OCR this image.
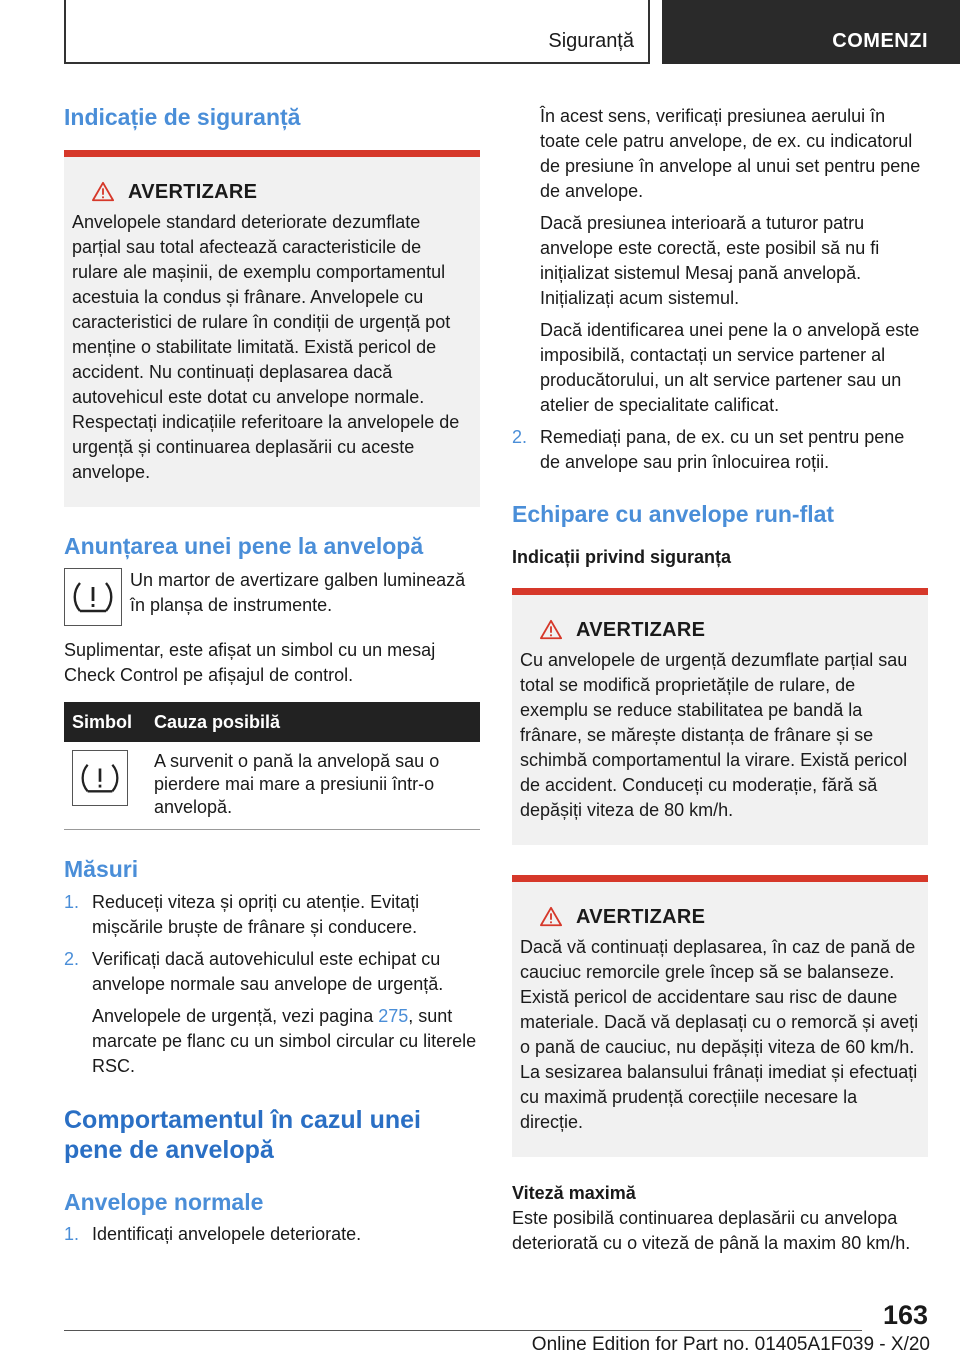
Siguranță	COMENZI
Indicație de siguranță
AVERTIZARE

Anvelopele standard deteriorate dezumflate parțial sau total afectează caracteristicile de rulare ale mașinii, de exemplu comportamentul acestuia la condus și frânare. Anvelopele cu caracteristici de rulare în condiții de urgență pot menține o stabilitate limitată. Există pericol de accident. Nu continuați deplasarea dacă autovehicul este dotat cu anvelope normale. Respectați indicațiile referitoare la anvelopele de urgență și continuarea deplasării cu aceste anvelope.

Anunțarea unei pene la anvelopă

Un martor de avertizare galben luminează în planșa de instrumente.

Suplimentar, este afișat un simbol cu un mesaj Check Control pe afișajul de control.

Simbol	Cauza posibilă

	A survenit o pană la anvelopă sau o pierdere mai mare a presiunii într-o anvelopă.
Măsuri
1. Reduceți viteza și opriți cu atenție. Evitați mișcările bruște de frânare și conducere.
2. Verificați dacă autovehiculul este echipat cu anvelope normale sau anvelope de urgență.

Anvelopele de urgență, vezi pagina 275, sunt marcate pe flanc cu un simbol circular cu literele RSC.

Comportamentul în cazul unei pene de anvelopă
Anvelope normale
1. Identificați anvelopele deteriorate.

În acest sens, verificați presiunea aerului în toate cele patru anvelope, de ex. cu indicatorul de presiune în anvelope al unui set pentru pene de anvelope.

Dacă presiunea interioară a tuturor patru anvelope este corectă, este posibil să nu fi inițializat sistemul Mesaj pană anvelopă. Inițializați acum sistemul.

Dacă identificarea unei pene la o anvelopă este imposibilă, contactați un service partener al producătorului, un alt service partener sau un atelier de specialitate calificat.

2. Remediați pana, de ex. cu un set pentru pene de anvelope sau prin înlocuirea roții.
Echipare cu anvelope run-flat
Indicații privind siguranța
AVERTIZARE

Cu anvelopele de urgență dezumflate parțial sau total se modifică proprietățile de rulare, de exemplu se reduce stabilitatea pe bandă la frânare, se mărește distanța de frânare și se schimbă comportamentul la virare. Există pericol de accident. Conduceți cu moderație, fără să depășiți viteza de 80 km/h.

AVERTIZARE

Dacă vă continuați deplasarea, în caz de pană de cauciuc remorcile grele încep să se balanseze. Există pericol de accidentare sau risc de daune materiale. Dacă vă deplasați cu o remorcă și aveți o pană de cauciuc, nu depășiți viteza de 60 km/h. La sesizarea balansului frânați imediat și efectuați cu maximă prudență corecțiile necesare la direcție.

Viteză maximă

Este posibilă continuarea deplasării cu anvelopa deteriorată cu o viteză de până la maxim 80 km/h.

163
Online Edition for Part no. 01405A1F039 - X/20
